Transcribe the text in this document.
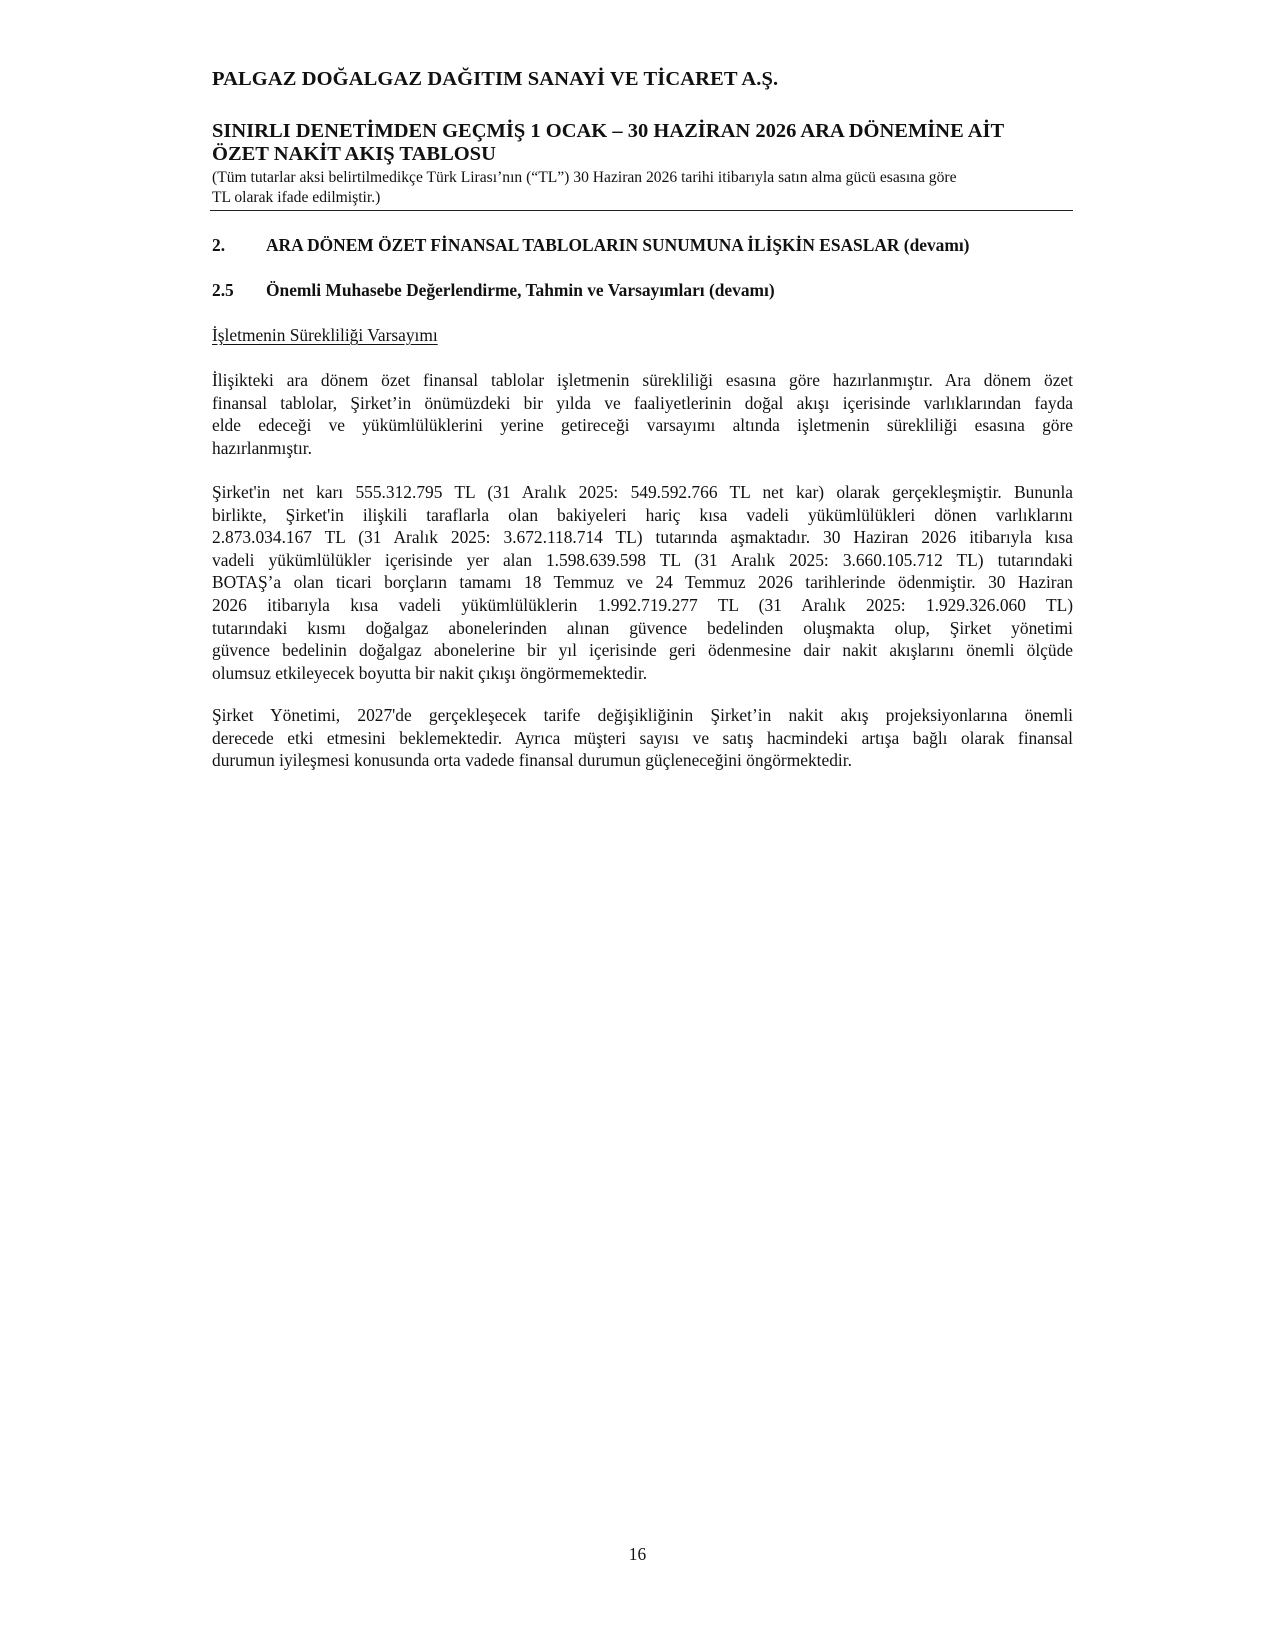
PALGAZ DOĞALGAZ DAĞITIM SANAYİ VE TİCARET A.Ş.
SINIRLI DENETİMDEN GEÇMİŞ 1 OCAK – 30 HAZİRAN 2026 ARA DÖNEMİNE AİT
ÖZET NAKİT AKIŞ TABLOSU
(Tüm tutarlar aksi belirtilmedikçe Türk Lirası’nın (“TL”) 30 Haziran 2026 tarihi itibarıyla satın alma gücü esasına göre
TL olarak ifade edilmiştir.)
2. ARA DÖNEM ÖZET FİNANSAL TABLOLARIN SUNUMUNA İLİŞKİN ESASLAR (devamı)
2.5 Önemli Muhasebe Değerlendirme, Tahmin ve Varsayımları (devamı)
İşletmenin Sürekliliği Varsayımı
İlişikteki ara dönem özet finansal tablolar işletmenin sürekliliği esasına göre hazırlanmıştır. Ara dönem özet
finansal tablolar, Şirket’in önümüzdeki bir yılda ve faaliyetlerinin doğal akışı içerisinde varlıklarından fayda
elde edeceği ve yükümlülüklerini yerine getireceği varsayımı altında işletmenin sürekliliği esasına göre
hazırlanmıştır.
Şirket'in net karı 555.312.795 TL (31 Aralık 2025: 549.592.766 TL net kar) olarak gerçekleşmiştir. Bununla
birlikte, Şirket'in ilişkili taraflarla olan bakiyeleri hariç kısa vadeli yükümlülükleri dönen varlıklarını
2.873.034.167 TL (31 Aralık 2025: 3.672.118.714 TL) tutarında aşmaktadır. 30 Haziran 2026 itibarıyla kısa
vadeli yükümlülükler içerisinde yer alan 1.598.639.598 TL (31 Aralık 2025: 3.660.105.712 TL) tutarındaki
BOTAŞ’a olan ticari borçların tamamı 18 Temmuz ve 24 Temmuz 2026 tarihlerinde ödenmiştir. 30 Haziran
2026 itibarıyla kısa vadeli yükümlülüklerin 1.992.719.277 TL (31 Aralık 2025: 1.929.326.060 TL)
tutarındaki kısmı doğalgaz abonelerinden alınan güvence bedelinden oluşmakta olup, Şirket yönetimi
güvence bedelinin doğalgaz abonelerine bir yıl içerisinde geri ödenmesine dair nakit akışlarını önemli ölçüde
olumsuz etkileyecek boyutta bir nakit çıkışı öngörmemektedir.
Şirket Yönetimi, 2027'de gerçekleşecek tarife değişikliğinin Şirket’in nakit akış projeksiyonlarına önemli
derecede etki etmesini beklemektedir. Ayrıca müşteri sayısı ve satış hacmindeki artışa bağlı olarak finansal
durumun iyileşmesi konusunda orta vadede finansal durumun güçleneceğini öngörmektedir.
16
